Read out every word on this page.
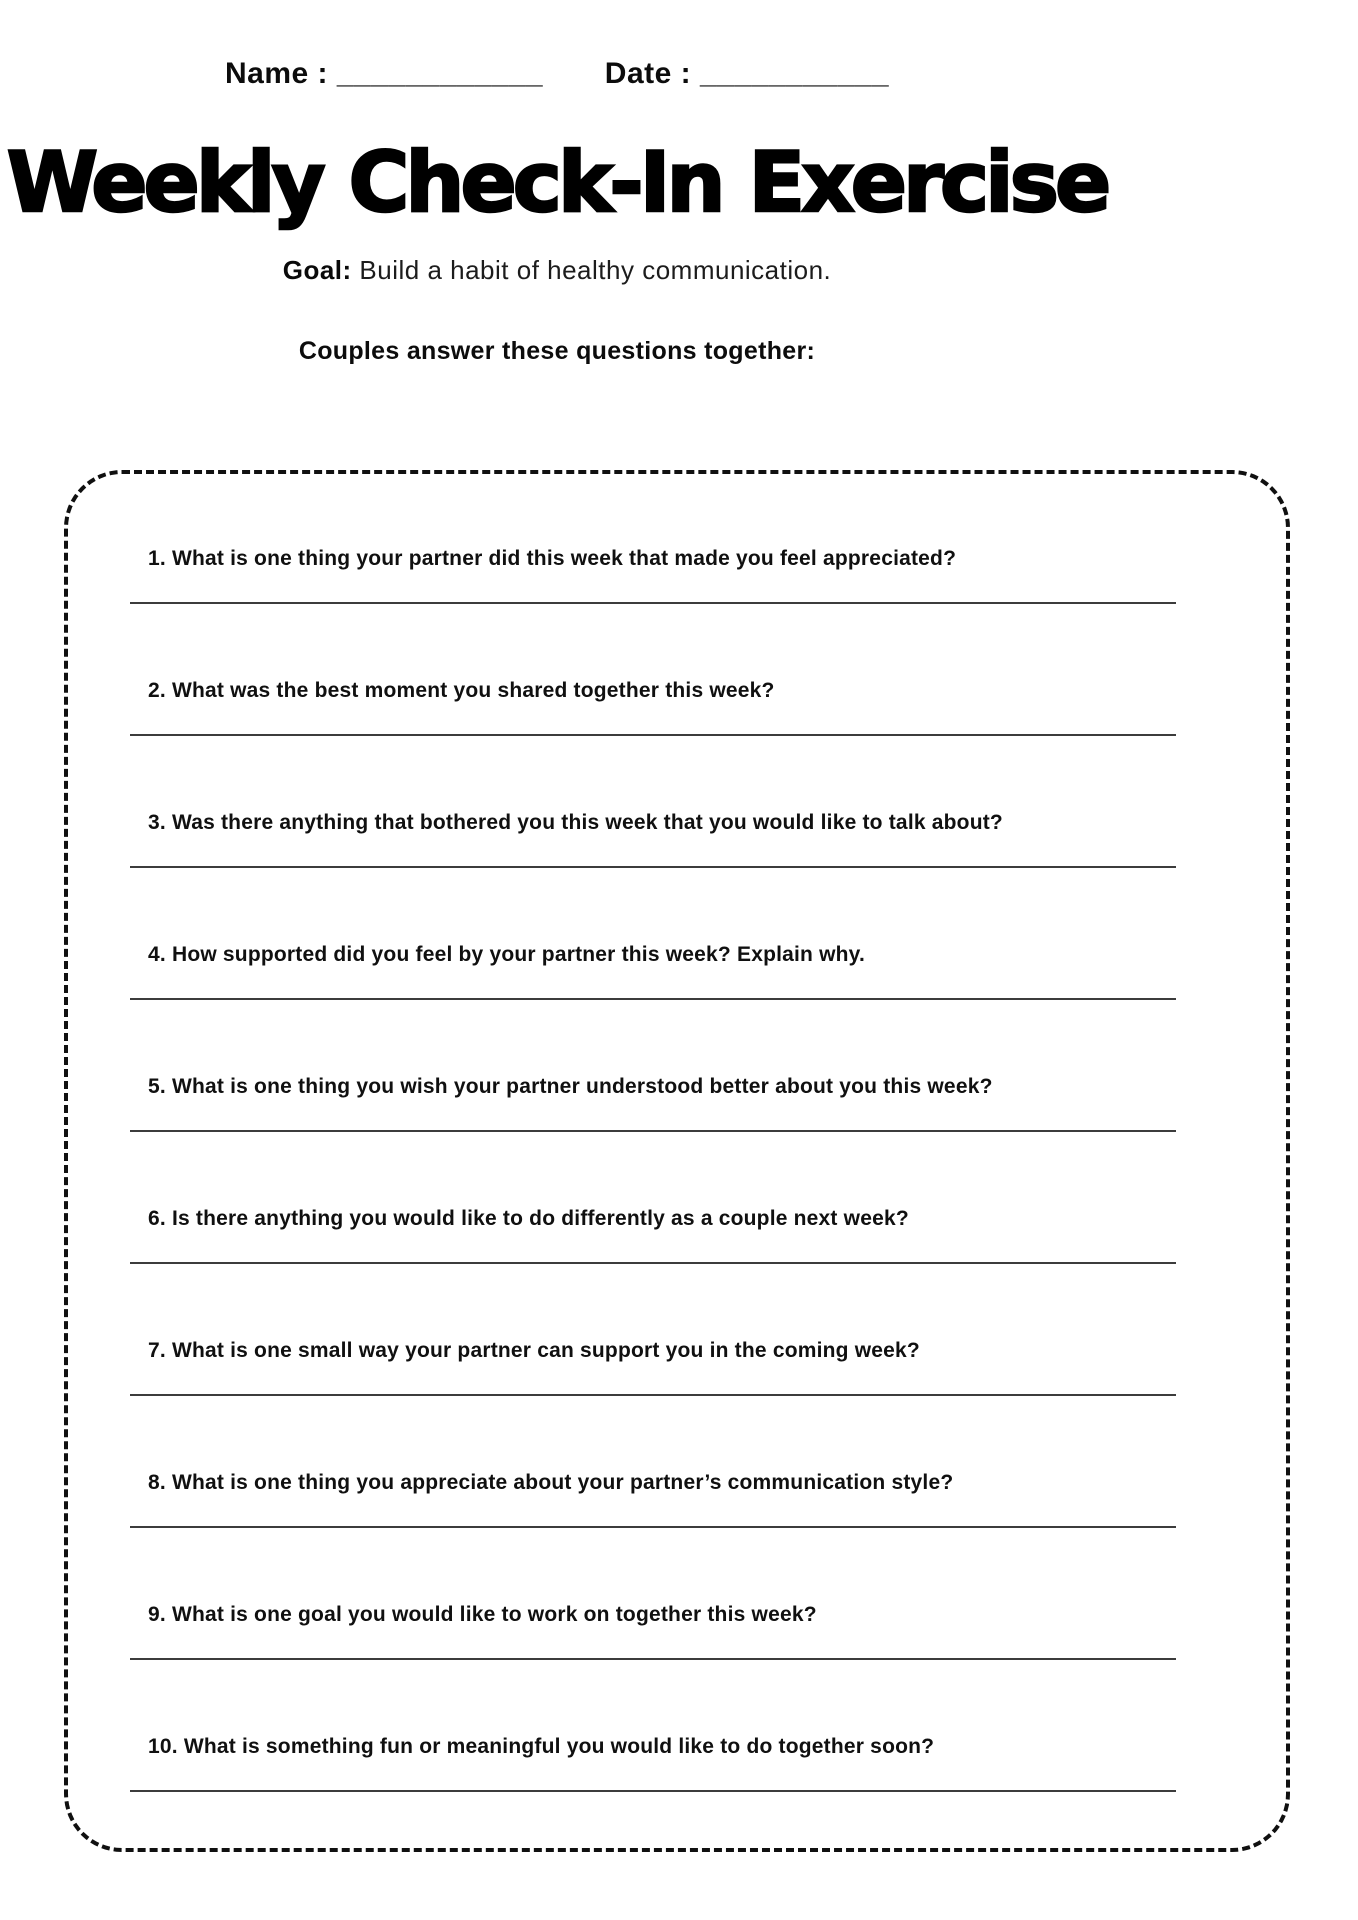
Name : ____________ Date : ___________
Weekly Check-In Exercise
Goal: Build a habit of healthy communication.
Couples answer these questions together:
1. What is one thing your partner did this week that made you feel appreciated?
2. What was the best moment you shared together this week?
3. Was there anything that bothered you this week that you would like to talk about?
4. How supported did you feel by your partner this week? Explain why.
5. What is one thing you wish your partner understood better about you this week?
6. Is there anything you would like to do differently as a couple next week?
7. What is one small way your partner can support you in the coming week?
8. What is one thing you appreciate about your partner’s communication style?
9. What is one goal you would like to work on together this week?
10. What is something fun or meaningful you would like to do together soon?
